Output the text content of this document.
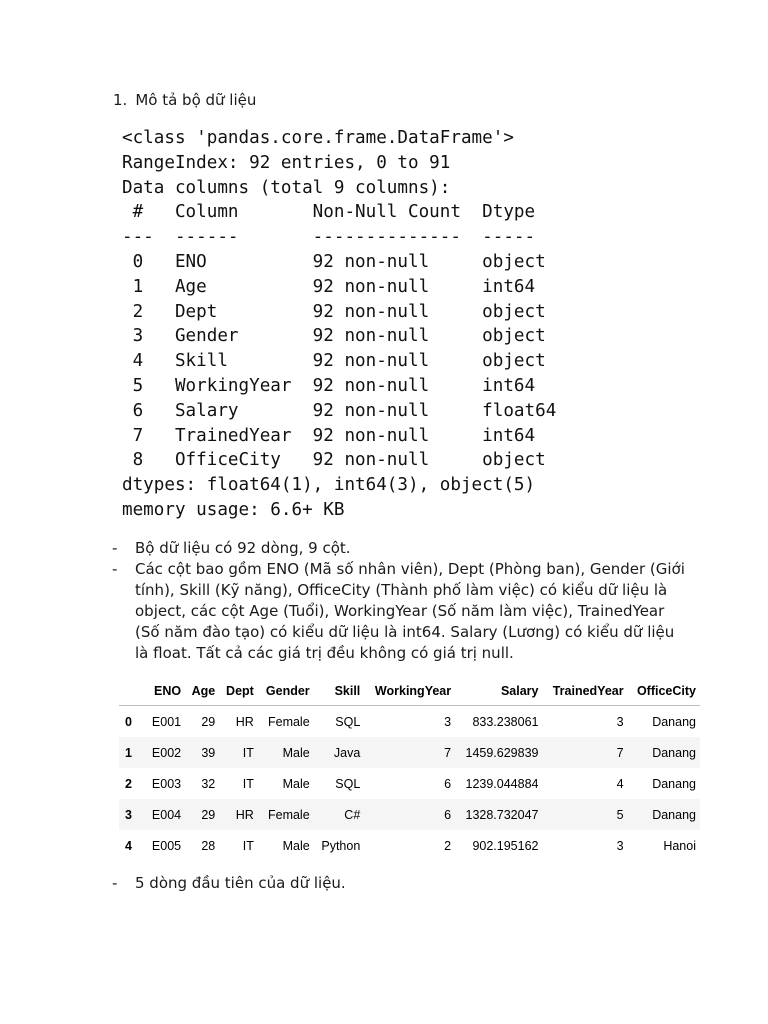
1. Mô tả bộ dữ liệu
<class 'pandas.core.frame.DataFrame'>
RangeIndex: 92 entries, 0 to 91
Data columns (total 9 columns):
#   Column       Non-Null Count  Dtype
---  ------       --------------  -----
0   ENO          92 non-null     object
1   Age          92 non-null     int64
2   Dept         92 non-null     object
3   Gender       92 non-null     object
4   Skill        92 non-null     object
5   WorkingYear  92 non-null     int64
6   Salary       92 non-null     float64
7   TrainedYear  92 non-null     int64
8   OfficeCity   92 non-null     object
dtypes: float64(1), int64(3), object(5)
memory usage: 6.6+ KB
-	Bộ dữ liệu có 92 dòng, 9 cột.
-	Các cột bao gồm ENO (Mã số nhân viên), Dept (Phòng ban), Gender (Giới tính), Skill (Kỹ năng), OfficeCity (Thành phố làm việc) có kiểu dữ liệu là object, các cột Age (Tuổi), WorkingYear (Số năm làm việc), TrainedYear (Số năm đào tạo) có kiểu dữ liệu là int64. Salary (Lương) có kiểu dữ liệu là float. Tất cả các giá trị đều không có giá trị null.
	ENO	Age	Dept	Gender	Skill	WorkingYear	Salary	TrainedYear	OfficeCity
0	E001	29	HR	Female	SQL	3	833.238061	3	Danang
1	E002	39	IT	Male	Java	7	1459.629839	7	Danang
2	E003	32	IT	Male	SQL	6	1239.044884	4	Danang
3	E004	29	HR	Female	C#	6	1328.732047	5	Danang
4	E005	28	IT	Male	Python	2	902.195162	3	Hanoi
-	5 dòng đầu tiên của dữ liệu.
